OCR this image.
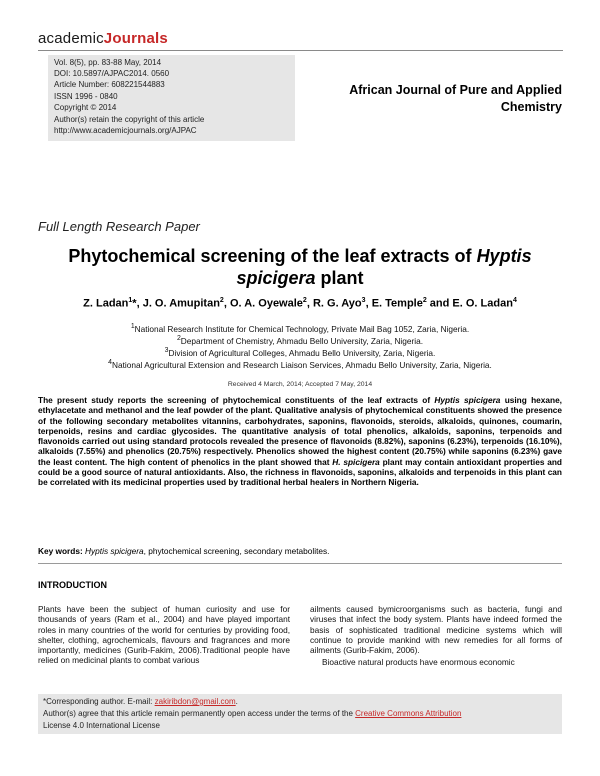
academicJournals
Vol. 8(5), pp. 83-88 May, 2014
DOI: 10.5897/AJPAC2014. 0560
Article Number: 608221544883
ISSN 1996 - 0840
Copyright © 2014
Author(s) retain the copyright of this article
http://www.academicjournals.org/AJPAC
African Journal of Pure and Applied
Chemistry
Full Length Research Paper
Phytochemical screening of the leaf extracts of Hyptis
spicigera plant
Z. Ladan$^1$*, J. O. Amupitan$^2$, O. A. Oyewale$^2$, R. G. Ayo$^3$, E. Temple$^2$ and E. O. Ladan$^4$
$^1$National Research Institute for Chemical Technology, Private Mail Bag 1052, Zaria, Nigeria.
$^2$Department of Chemistry, Ahmadu Bello University, Zaria, Nigeria.
$^3$Division of Agricultural Colleges, Ahmadu Bello University, Zaria, Nigeria.
$^4$National Agricultural Extension and Research Liaison Services, Ahmadu Bello University, Zaria, Nigeria.
Received 4 March, 2014; Accepted 7 May, 2014
The present study reports the screening of phytochemical constituents of the leaf extracts of Hyptis spicigera using hexane, ethylacetate and methanol and the leaf powder of the plant. Qualitative analysis of phytochemical constituents showed the presence of the following secondary metabolites vitannins, carbohydrates, saponins, flavonoids, steroids, alkaloids, quinones, coumarin, terpenoids, resins and cardiac glycosides. The quantitative analysis of total phenolics, alkaloids, saponins, terpenoids and flavonoids carried out using standard protocols revealed the presence of flavonoids (8.82%), saponins (6.23%), terpenoids (16.10%), alkaloids (7.55%) and phenolics (20.75%) respectively. Phenolics showed the highest content (20.75%) while saponins (6.23%) gave the least content. The high content of phenolics in the plant showed that H. spicigera plant may contain antioxidant properties and could be a good source of natural antioxidants. Also, the richness in flavonoids, saponins, alkaloids and terpenoids in this plant can be correlated with its medicinal properties used by traditional herbal healers in Northern Nigeria.
Key words: Hyptis spicigera, phytochemical screening, secondary metabolites.
INTRODUCTION
Plants have been the subject of human curiosity and use for thousands of years (Ram et al., 2004) and have played important roles in many countries of the world for centuries by providing food, shelter, clothing, agrochemicals, flavours and fragrances and more importantly, medicines (Gurib-Fakim, 2006).Traditional people have relied on medicinal plants to combat various
ailments caused bymicroorganisms such as bacteria, fungi and viruses that infect the body system. Plants have indeed formed the basis of sophisticated traditional medicine systems which will continue to provide mankind with new remedies for all forms of ailments (Gurib-Fakim, 2006).
Bioactive natural products have enormous economic
*Corresponding author. E-mail: zakiribdon@gmail.com.
Author(s) agree that this article remain permanently open access under the terms of the Creative Commons Attribution
License 4.0 International License
